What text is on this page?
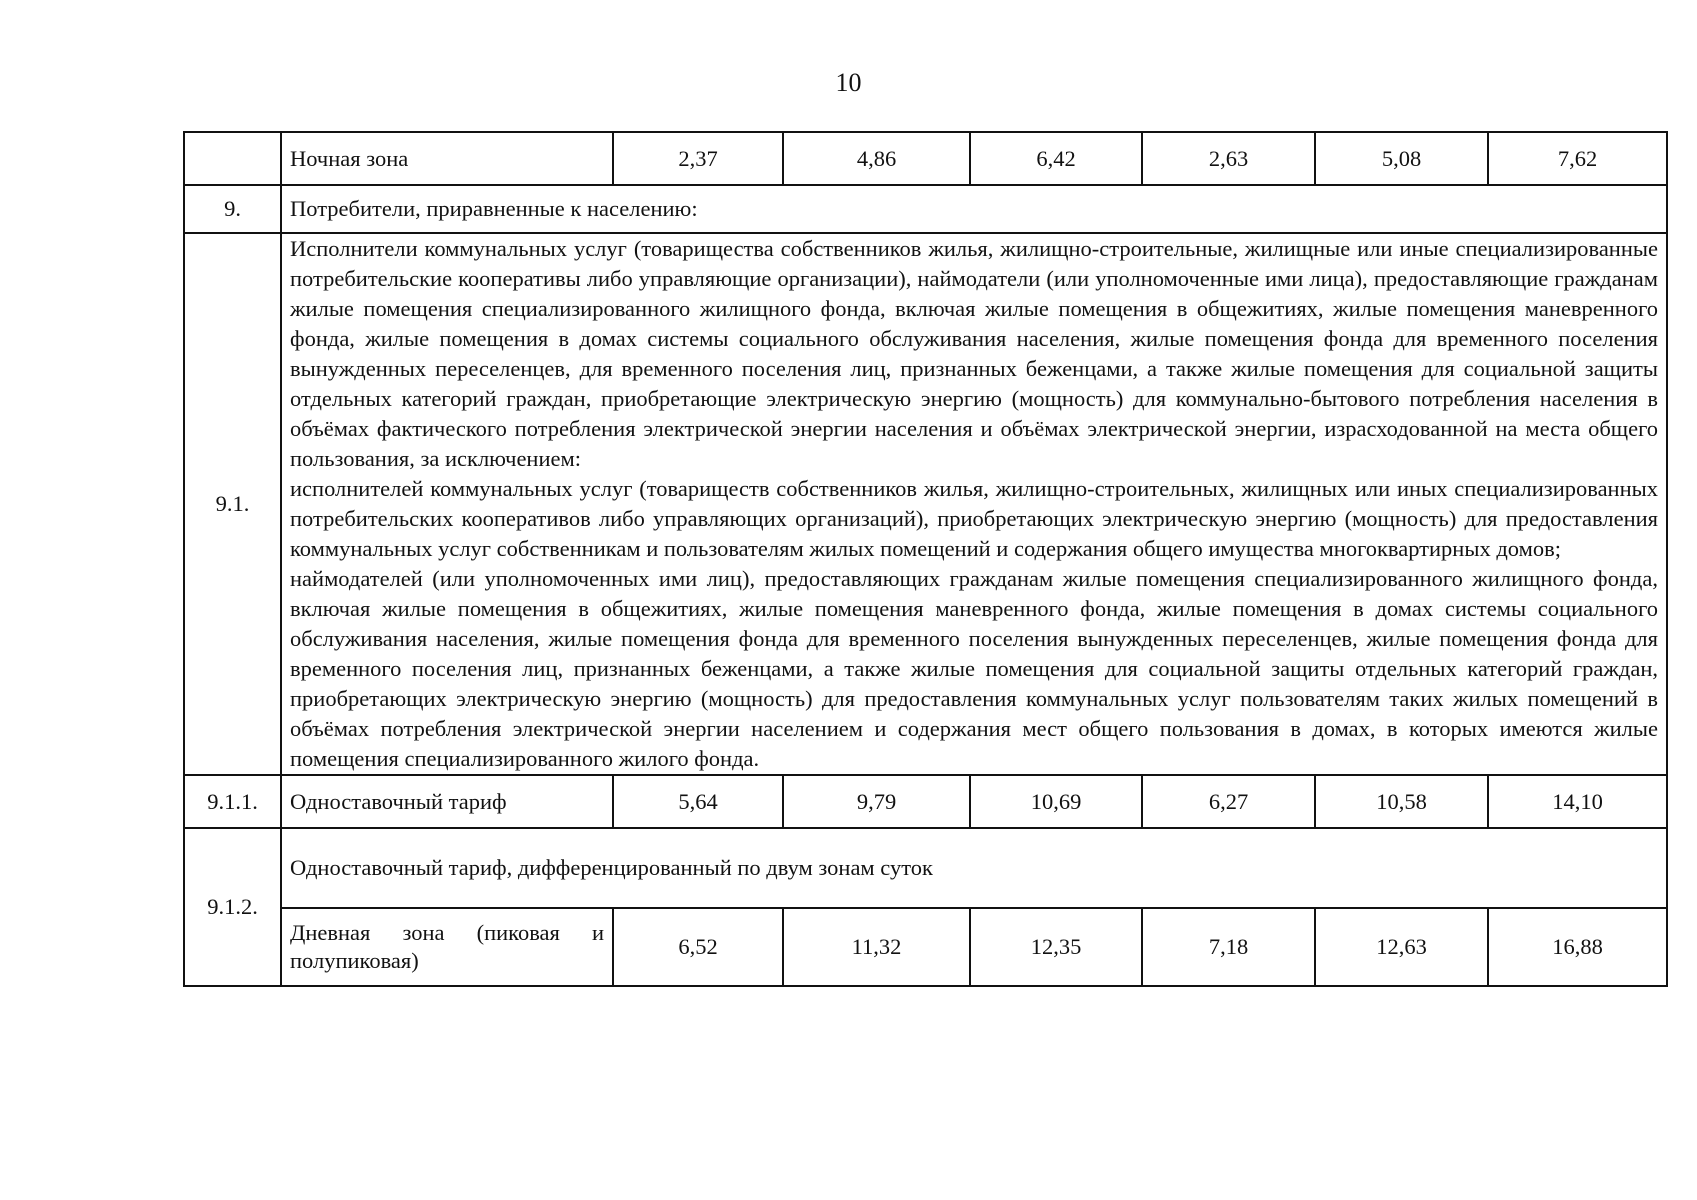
10
	Ночная зона	2,37	4,86	6,42	2,63	5,08	7,62
9.	Потребители, приравненные к населению:						
9.1.	Исполнители коммунальных услуг (товарищества собственников жилья, жилищно-строительные, жилищные или иные специализированные потребительские кооперативы либо управляющие организации), наймодатели (или уполномоченные ими лица), предоставляющие гражданам жилые помещения специализированного жилищного фонда, включая жилые помещения в общежитиях, жилые помещения маневренного фонда, жилые помещения в домах системы социального обслуживания населения, жилые помещения фонда для временного поселения вынужденных переселенцев, для временного поселения лиц, признанных беженцами, а также жилые помещения для социальной защиты отдельных категорий граждан, приобретающие электрическую энергию (мощность) для коммунально-бытового потребления населения в объёмах фактического потребления электрической энергии населения и объёмах электрической энергии, израсходованной на места общего пользования, за исключением:
исполнителей коммунальных услуг (товариществ собственников жилья, жилищно-строительных, жилищных или иных специализированных потребительских кооперативов либо управляющих организаций), приобретающих электрическую энергию (мощность) для предоставления коммунальных услуг собственникам и пользователям жилых помещений и содержания общего имущества многоквартирных домов;
наймодателей (или уполномоченных ими лиц), предоставляющих гражданам жилые помещения специализированного жилищного фонда, включая жилые помещения в общежитиях, жилые помещения маневренного фонда, жилые помещения в домах системы социального обслуживания населения, жилые помещения фонда для временного поселения вынужденных переселенцев, жилые помещения фонда для временного поселения лиц, признанных беженцами, а также жилые помещения для социальной защиты отдельных категорий граждан, приобретающих электрическую энергию (мощность) для предоставления коммунальных услуг пользователям таких жилых помещений в объёмах потребления электрической энергии населением и содержания мест общего пользования в домах, в которых имеются жилые помещения специализированного жилого фонда.						

9.1.1.	Одноставочный тариф	5,64	9,79	10,69	6,27	10,58	14,10
9.1.2.	Одноставочный тариф, дифференцированный по двум зонам суток						
	Дневная зона (пиковая и полупиковая)	6,52	11,32	12,35	7,18	12,63	16,88
